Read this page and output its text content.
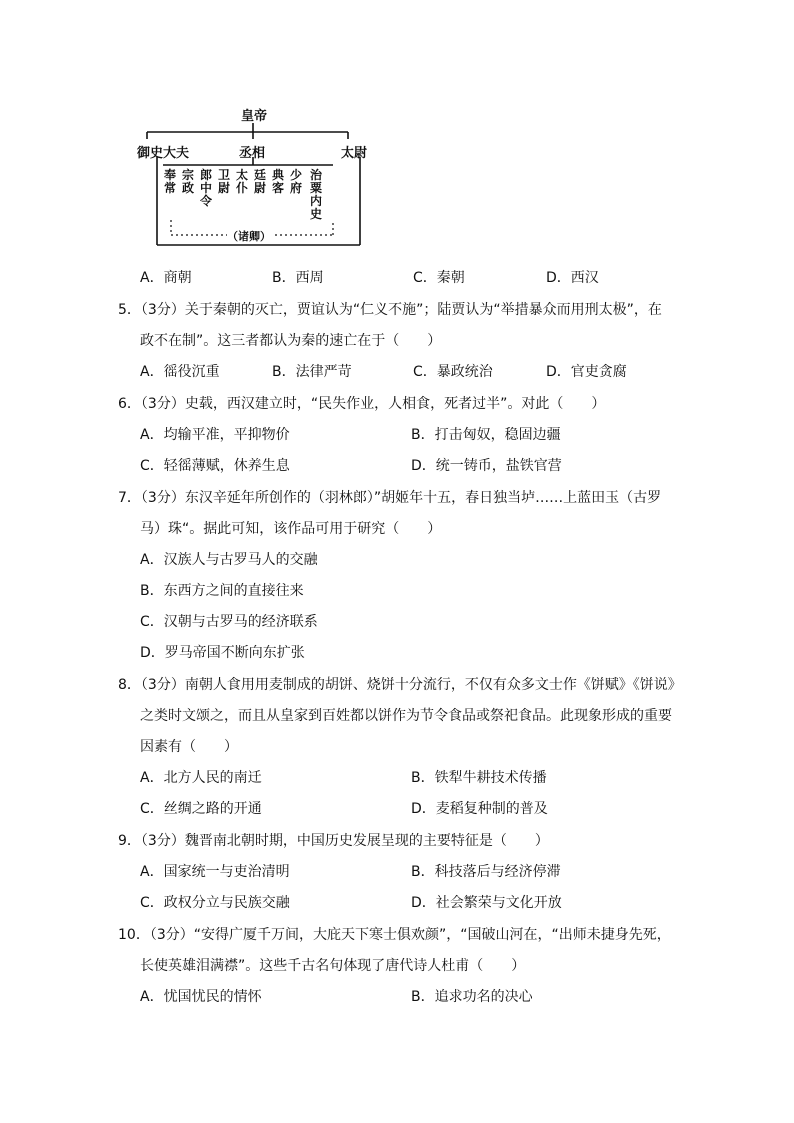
皇帝
御史大夫	丞相	太尉
奉
常
宗
政
郎
中
令
卫
尉
太
仆
廷
尉
典
客
少
府
治
粟
内
史
（诸卿）
A．商朝	B．西周	C．秦朝	D．西汉
5．（3分）关于秦朝的灭亡，贾谊认为“仁义不施”；陆贾认为“举措暴众而用刑太极”，在
政不在制”。这三者都认为秦的速亡在于（　　）
A．徭役沉重	B．法律严苛	C．暴政统治	D．官吏贪腐
6．（3分）史载，西汉建立时，“民失作业，人相食，死者过半”。对此（　　）
A．均输平准，平抑物价	B．打击匈奴，稳固边疆
C．轻徭薄赋，休养生息	D．统一铸币，盐铁官营
7．（3分）东汉辛延年所创作的（羽林郎）”胡姬年十五，春日独当垆……上蓝田玉（古罗
马）珠“。据此可知，该作品可用于研究（　　）
A．汉族人与古罗马人的交融
B．东西方之间的直接往来
C．汉朝与古罗马的经济联系
D．罗马帝国不断向东扩张
8．（3分）南朝人食用用麦制成的胡饼、烧饼十分流行，不仅有众多文士作《饼赋》《饼说》
之类时文颂之，而且从皇家到百姓都以饼作为节令食品或祭祀食品。此现象形成的重要
因素有（　　）
A．北方人民的南迁	B．铁犁牛耕技术传播
C．丝绸之路的开通	D．麦稻复种制的普及
9．（3分）魏晋南北朝时期，中国历史发展呈现的主要特征是（　　）
A．国家统一与吏治清明	B．科技落后与经济停滞
C．政权分立与民族交融	D．社会繁荣与文化开放
10．（3分）“安得广厦千万间，大庇天下寒士俱欢颜”，“国破山河在，“出师未捷身先死，
长使英雄泪满襟”。这些千古名句体现了唐代诗人杜甫（　　）
A．忧国忧民的情怀	B．追求功名的决心
